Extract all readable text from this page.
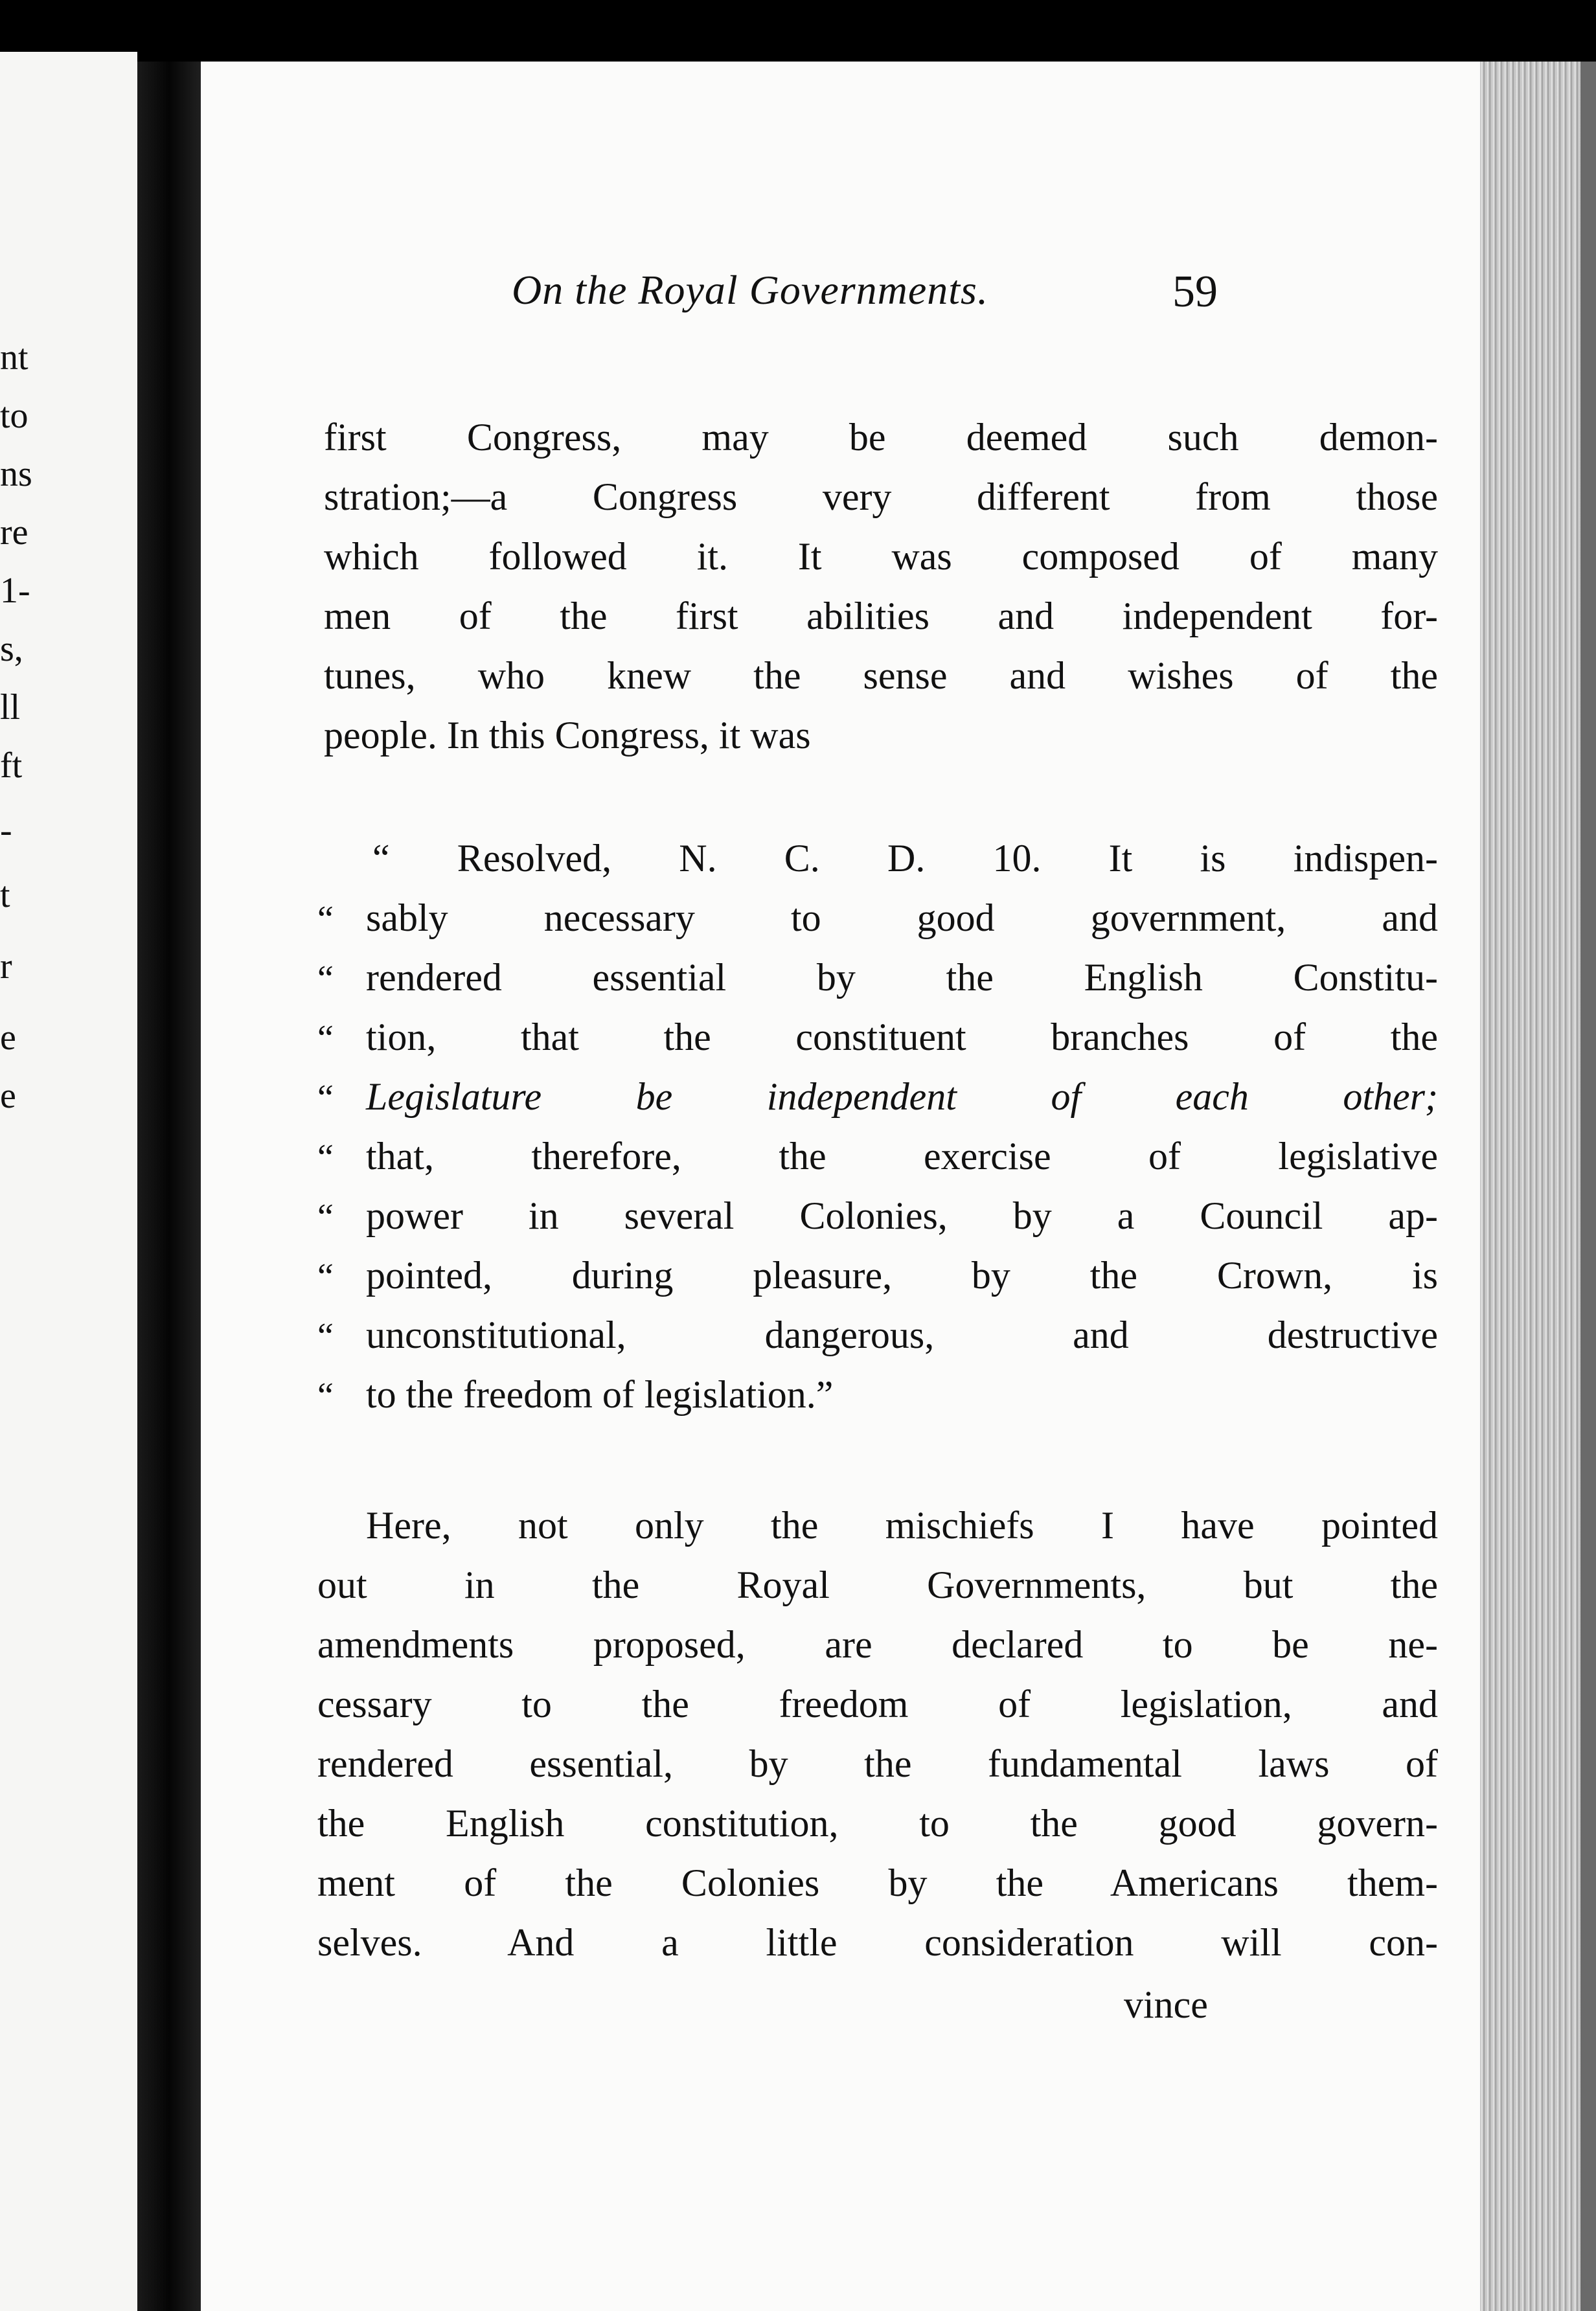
nt
to
ns
re
1-
s,
ll
ft
-
t
r
e
e
On the Royal Governments.	59
first Congress, may be deemed such demon-
stration;—a Congress very different from those
which followed it. It was composed of many
men of the first abilities and independent for-
tunes, who knew the sense and wishes of the
people. In this Congress, it was
“ Resolved, N. C. D. 10. It is indispen-
“ sably necessary to good government, and
“ rendered essential by the English Constitu-
“ tion, that the constituent branches of the
“ Legislature be independent of each other;
“ that, therefore, the exercise of legislative
“ power in several Colonies, by a Council ap-
“ pointed, during pleasure, by the Crown, is
“ unconstitutional, dangerous, and destructive
“ to the freedom of legislation.”
Here, not only the mischiefs I have pointed
out in the Royal Governments, but the
amendments proposed, are declared to be ne-
cessary to the freedom of legislation, and
rendered essential, by the fundamental laws of
the English constitution, to the good govern-
ment of the Colonies by the Americans them-
selves. And a little consideration will con-
vince
